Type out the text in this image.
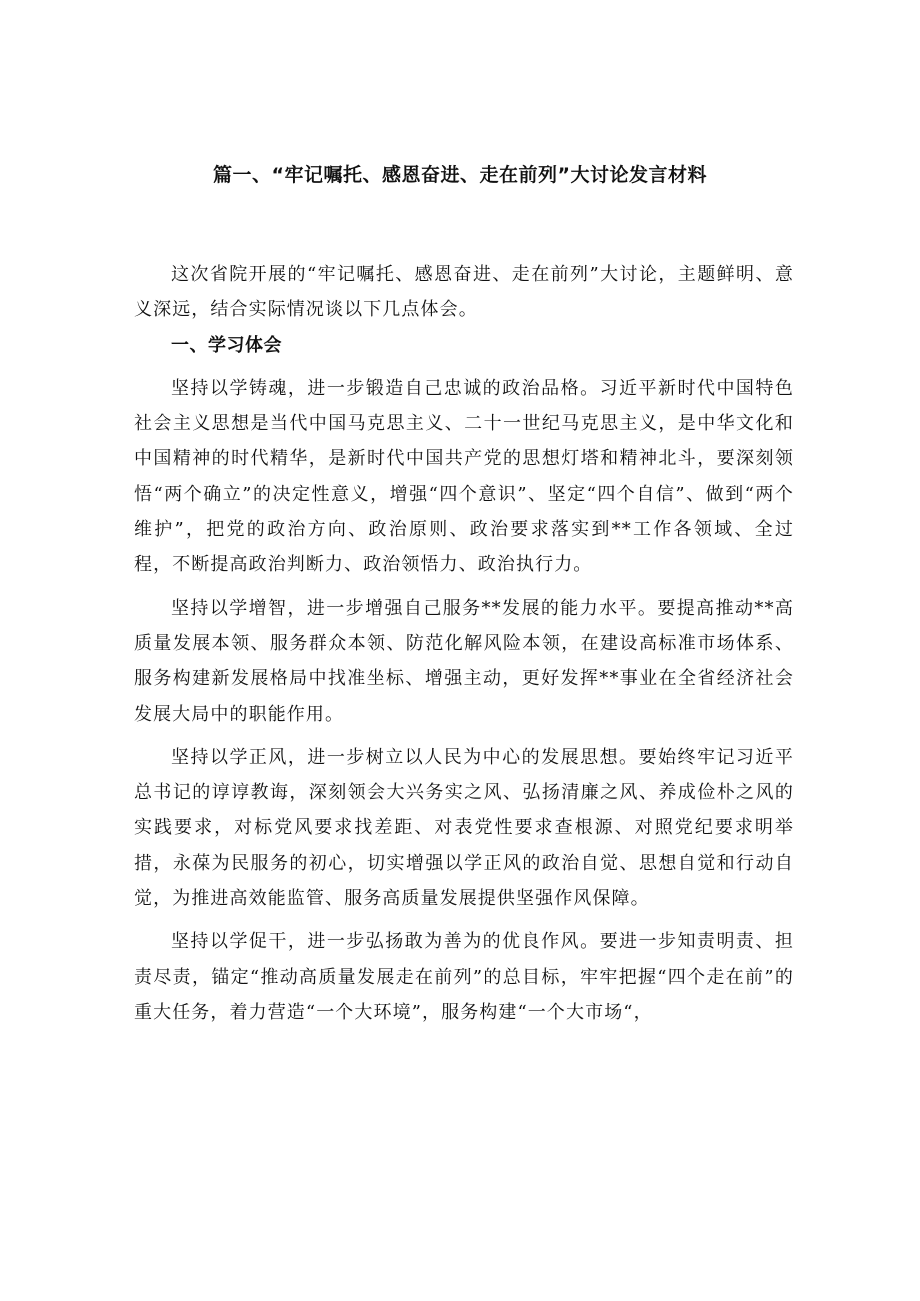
篇一、“牢记嘱托、感恩奋进、走在前列”大讨论发言材料

这次省院开展的“牢记嘱托、感恩奋进、走在前列”大讨论，主题鲜明、意义深远，结合实际情况谈以下几点体会。

一、学习体会

坚持以学铸魂，进一步锻造自己忠诚的政治品格。习近平新时代中国特色社会主义思想是当代中国马克思主义、二十一世纪马克思主义，是中华文化和中国精神的时代精华，是新时代中国共产党的思想灯塔和精神北斗，要深刻领悟“两个确立”的决定性意义，增强“四个意识”、坚定“四个自信”、做到“两个维护”，把党的政治方向、政治原则、政治要求落实到**工作各领域、全过程，不断提高政治判断力、政治领悟力、政治执行力。

坚持以学增智，进一步增强自己服务**发展的能力水平。要提高推动**高质量发展本领、服务群众本领、防范化解风险本领，在建设高标准市场体系、服务构建新发展格局中找准坐标、增强主动，更好发挥**事业在全省经济社会发展大局中的职能作用。

坚持以学正风，进一步树立以人民为中心的发展思想。要始终牢记习近平总书记的谆谆教诲，深刻领会大兴务实之风、弘扬清廉之风、养成俭朴之风的实践要求，对标党风要求找差距、对表党性要求查根源、对照党纪要求明举措，永葆为民服务的初心，切实增强以学正风的政治自觉、思想自觉和行动自觉，为推进高效能监管、服务高质量发展提供坚强作风保障。

坚持以学促干，进一步弘扬敢为善为的优良作风。要进一步知责明责、担责尽责，锚定“推动高质量发展走在前列”的总目标，牢牢把握“四个走在前”的重大任务，着力营造“一个大环境”，服务构建“一个大市场“，
